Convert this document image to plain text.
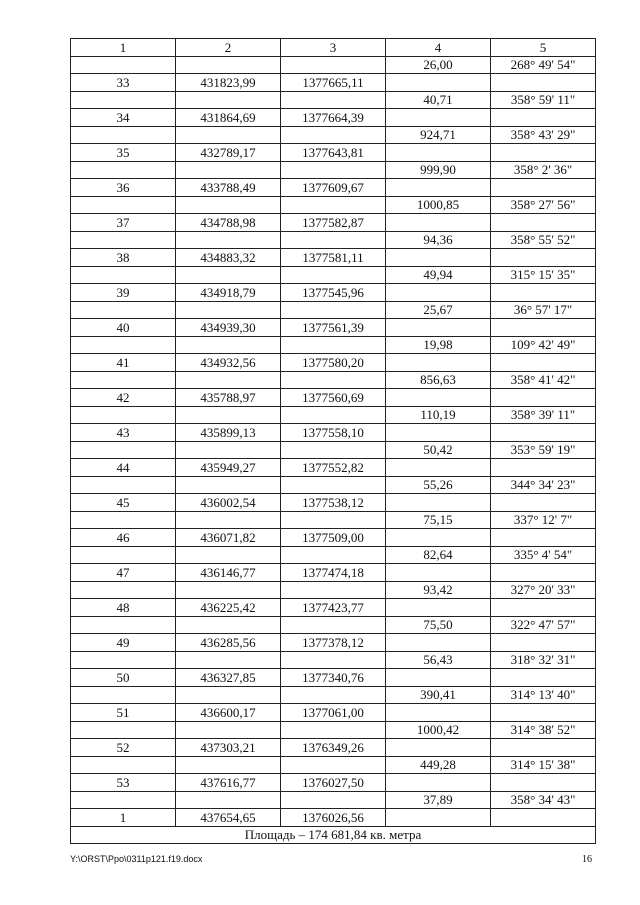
1	2	3	4	5
			26,00	268° 49' 54"
33	431823,99	1377665,11		
			40,71	358° 59' 11"
34	431864,69	1377664,39		
			924,71	358° 43' 29"
35	432789,17	1377643,81		
			999,90	358° 2' 36"
36	433788,49	1377609,67		
			1000,85	358° 27' 56"
37	434788,98	1377582,87		
			94,36	358° 55' 52"
38	434883,32	1377581,11		
			49,94	315° 15' 35"
39	434918,79	1377545,96		
			25,67	36° 57' 17"
40	434939,30	1377561,39		
			19,98	109° 42' 49"
41	434932,56	1377580,20		
			856,63	358° 41' 42"
42	435788,97	1377560,69		
			110,19	358° 39' 11"
43	435899,13	1377558,10		
			50,42	353° 59' 19"
44	435949,27	1377552,82		
			55,26	344° 34' 23"
45	436002,54	1377538,12		
			75,15	337° 12' 7"
46	436071,82	1377509,00		
			82,64	335° 4' 54"
47	436146,77	1377474,18		
			93,42	327° 20' 33"
48	436225,42	1377423,77		
			75,50	322° 47' 57"
49	436285,56	1377378,12		
			56,43	318° 32' 31"
50	436327,85	1377340,76		
			390,41	314° 13' 40"
51	436600,17	1377061,00		
			1000,42	314° 38' 52"
52	437303,21	1376349,26		
			449,28	314° 15' 38"
53	437616,77	1376027,50		
			37,89	358° 34' 43"
1	437654,65	1376026,56		
Площадь – 174 681,84 кв. метра				
Y:\ORST\Ppo\0311p121.f19.docx	16
